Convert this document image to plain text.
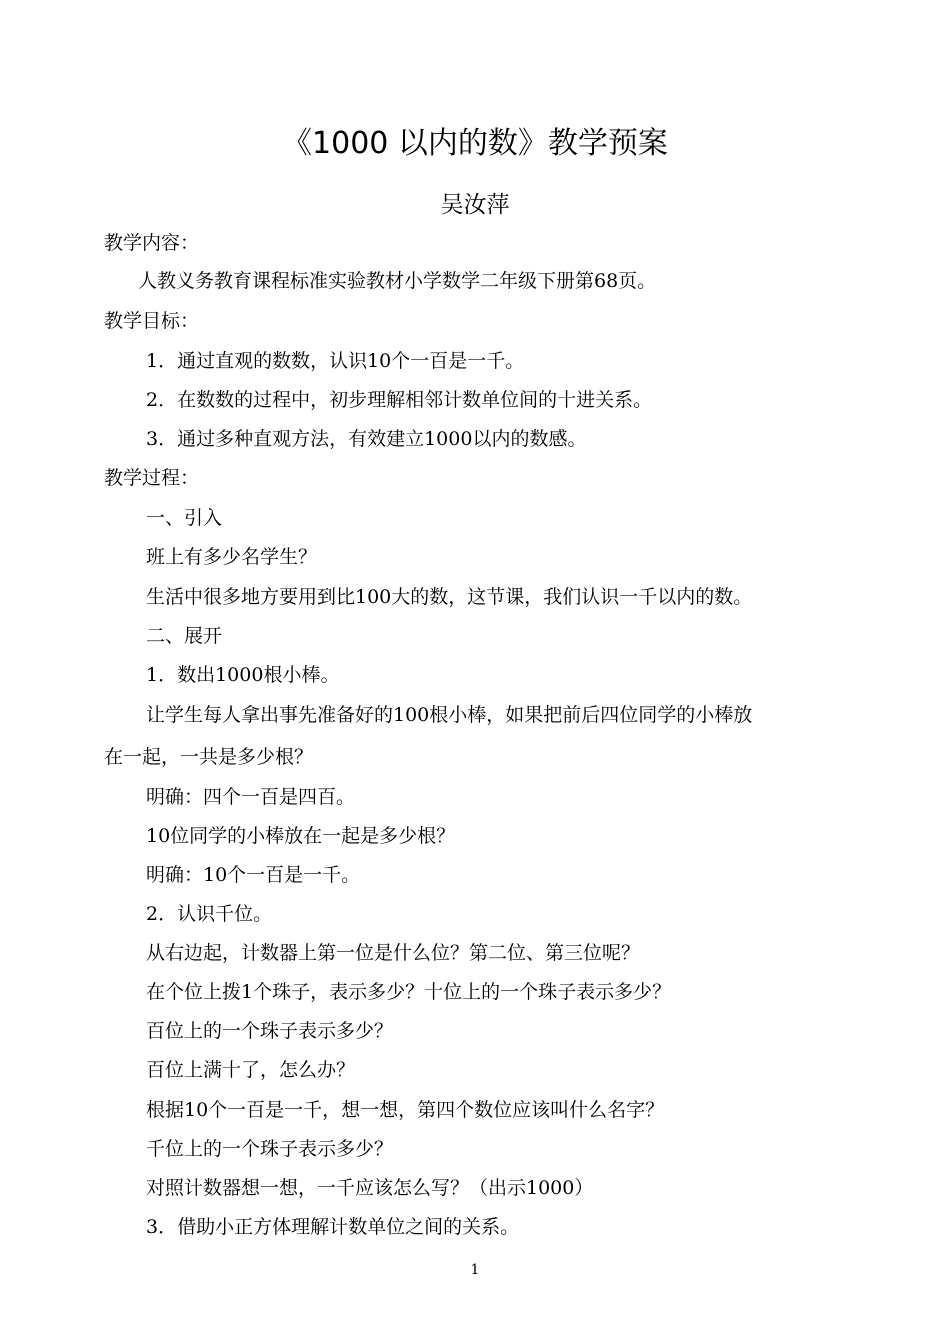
《1000 以内的数》教学预案
吴汝萍
教学内容：
人教义务教育课程标准实验教材小学数学二年级下册第68页。
教学目标：
1．通过直观的数数，认识10个一百是一千。
2．在数数的过程中，初步理解相邻计数单位间的十进关系。
3．通过多种直观方法，有效建立1000以内的数感。
教学过程：
一、引入
班上有多少名学生？
生活中很多地方要用到比100大的数，这节课，我们认识一千以内的数。
二、展开
1．数出1000根小棒。
让学生每人拿出事先准备好的100根小棒，如果把前后四位同学的小棒放
在一起，一共是多少根？
明确：四个一百是四百。
10位同学的小棒放在一起是多少根？
明确：10个一百是一千。
2．认识千位。
从右边起，计数器上第一位是什么位？第二位、第三位呢？
在个位上拨1个珠子，表示多少？十位上的一个珠子表示多少？
百位上的一个珠子表示多少？
百位上满十了，怎么办？
根据10个一百是一千，想一想，第四个数位应该叫什么名字？
千位上的一个珠子表示多少？
对照计数器想一想，一千应该怎么写？（出示1000）
3．借助小正方体理解计数单位之间的关系。
1
